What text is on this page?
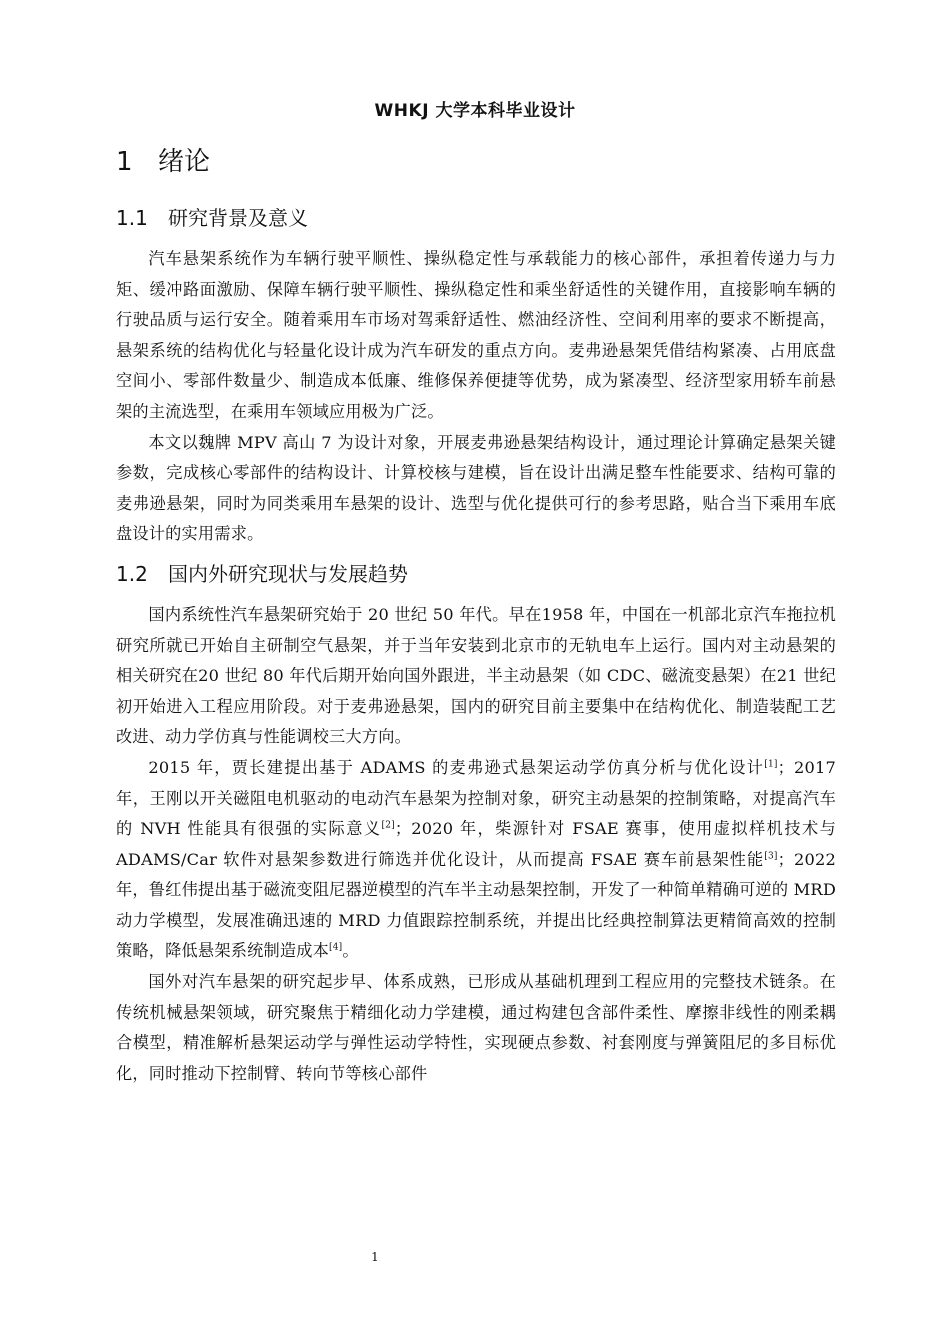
WHKJ 大学本科毕业设计
1 绪论
1.1 研究背景及意义

汽车悬架系统作为车辆行驶平顺性、操纵稳定性与承载能力的核心部件，承担着传递力与力矩、缓冲路面激励、保障车辆行驶平顺性、操纵稳定性和乘坐舒适性的关键作用，直接影响车辆的行驶品质与运行安全。随着乘用车市场对驾乘舒适性、燃油经济性、空间利用率的要求不断提高，悬架系统的结构优化与轻量化设计成为汽车研发的重点方向。麦弗逊悬架凭借结构紧凑、占用底盘空间小、零部件数量少、制造成本低廉、维修保养便捷等优势，成为紧凑型、经济型家用轿车前悬架的主流选型，在乘用车领域应用极为广泛。

本文以魏牌 MPV 高山 7 为设计对象，开展麦弗逊悬架结构设计，通过理论计算确定悬架关键参数，完成核心零部件的结构设计、计算校核与建模，旨在设计出满足整车性能要求、结构可靠的麦弗逊悬架，同时为同类乘用车悬架的设计、选型与优化提供可行的参考思路，贴合当下乘用车底盘设计的实用需求。

1.2 国内外研究现状与发展趋势

国内系统性汽车悬架研究始于 20 世纪 50 年代。早在1958 年，中国在一机部北京汽车拖拉机研究所就已开始自主研制空气悬架，并于当年安装到北京市的无轨电车上运行。国内对主动悬架的相关研究在20 世纪 80 年代后期开始向国外跟进，半主动悬架（如 CDC、磁流变悬架）在21 世纪初开始进入工程应用阶段。对于麦弗逊悬架，国内的研究目前主要集中在结构优化、制造装配工艺改进、动力学仿真与性能调校三大方向。

2015 年，贾长建提出基于 ADAMS 的麦弗逊式悬架运动学仿真分析与优化设计[1]；2017 年，王刚以开关磁阻电机驱动的电动汽车悬架为控制对象，研究主动悬架的控制策略，对提高汽车的 NVH 性能具有很强的实际意义[2]；2020 年，柴源针对 FSAE 赛事，使用虚拟样机技术与 ADAMS/Car 软件对悬架参数进行筛选并优化设计，从而提高 FSAE 赛车前悬架性能[3]；2022 年，鲁红伟提出基于磁流变阻尼器逆模型的汽车半主动悬架控制，开发了一种简单精确可逆的 MRD 动力学模型，发展准确迅速的 MRD 力值跟踪控制系统，并提出比经典控制算法更精简高效的控制策略，降低悬架系统制造成本[4]。

国外对汽车悬架的研究起步早、体系成熟，已形成从基础机理到工程应用的完整技术链条。在传统机械悬架领域，研究聚焦于精细化动力学建模，通过构建包含部件柔性、摩擦非线性的刚柔耦合模型，精准解析悬架运动学与弹性运动学特性，实现硬点参数、衬套刚度与弹簧阻尼的多目标优化，同时推动下控制臂、转向节等核心部件

1
